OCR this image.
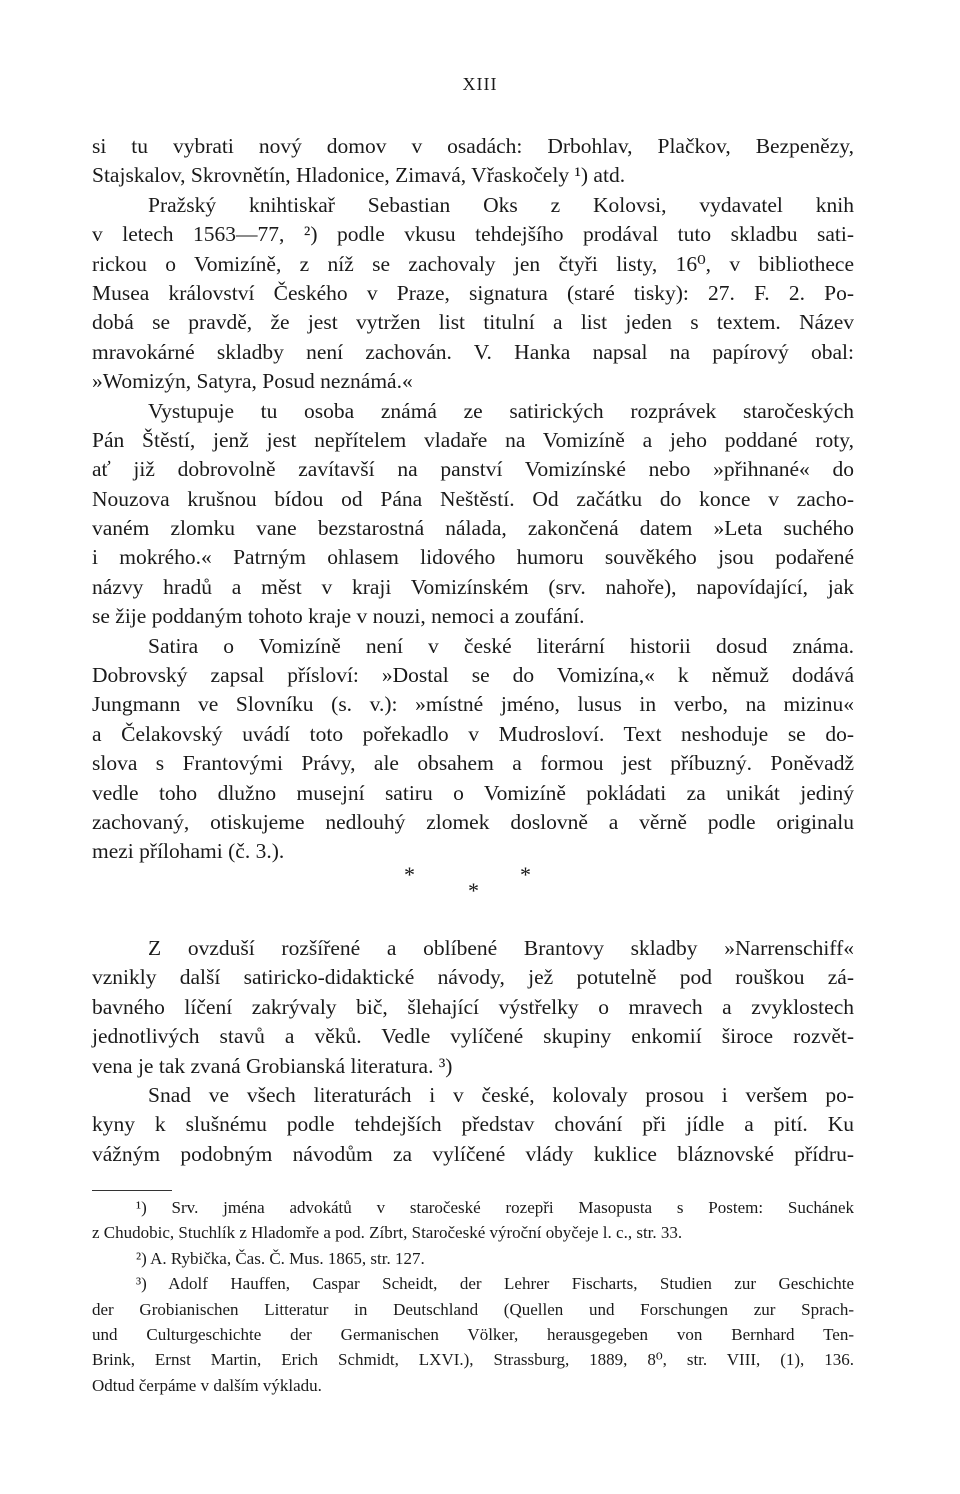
XIII
si tu vybrati nový domov v osadách: Drbohlav, Plačkov, Bezpenězy,
Stajskalov, Skrovnětín, Hladonice, Zimavá, Vřaskočely ¹) atd.
Pražský knihtiskař Sebastian Oks z Kolovsi, vydavatel knih
v letech 1563—77, ²) podle vkusu tehdejšího prodával tuto skladbu sati-
rickou o Vomizíně, z níž se zachovaly jen čtyři listy, 16⁰, v bibliothece
Musea království Českého v Praze, signatura (staré tisky): 27. F. 2. Po-
dobá se pravdě, že jest vytržen list titulní a list jeden s textem. Název
mravokárné skladby není zachován. V. Hanka napsal na papírový obal:
»Womizýn, Satyra, Posud neznámá.«
Vystupuje tu osoba známá ze satirických rozprávek staročeských
Pán Štěstí, jenž jest nepřítelem vladaře na Vomizíně a jeho poddané roty,
ať již dobrovolně zavítavší na panství Vomizínské nebo »přihnané« do
Nouzova krušnou bídou od Pána Neštěstí. Od začátku do konce v zacho-
vaném zlomku vane bezstarostná nálada, zakončená datem »Leta suchého
i mokrého.« Patrným ohlasem lidového humoru souvěkého jsou podařené
názvy hradů a měst v kraji Vomizínském (srv. nahoře), napovídající, jak
se žije poddaným tohoto kraje v nouzi, nemoci a zoufání.
Satira o Vomizíně není v české literární historii dosud známa.
Dobrovský zapsal přísloví: »Dostal se do Vomizína,« k němuž dodává
Jungmann ve Slovníku (s. v.): »místné jméno, lusus in verbo, na mizinu«
a Čelakovský uvádí toto pořekadlo v Mudrosloví. Text neshoduje se do-
slova s Frantovými Právy, ale obsahem a formou jest příbuzný. Poněvadž
vedle toho dlužno musejní satiru o Vomizíně pokládati za unikát jediný
zachovaný, otiskujeme nedlouhý zlomek doslovně a věrně podle originalu
mezi přílohami (č. 3.).
*
*
*
Z ovzduší rozšířené a oblíbené Brantovy skladby »Narrenschiff«
vznikly další satiricko-didaktické návody, jež potutelně pod rouškou zá-
bavného líčení zakrývaly bič, šlehající výstřelky o mravech a zvyklostech
jednotlivých stavů a věků. Vedle vylíčené skupiny enkomií široce rozvět-
vena je tak zvaná Grobianská literatura. ³)
Snad ve všech literaturách i v české, kolovaly prosou i veršem po-
kyny k slušnému podle tehdejších představ chování při jídle a pití. Ku
vážným podobným návodům za vylíčené vlády kuklice bláznovské přídru-
¹) Srv. jména advokátů v staročeské rozepři Masopusta s Postem: Suchánek
z Chudobic, Stuchlík z Hladomře a pod. Zíbrt, Staročeské výroční obyčeje l. c., str. 33.
²) A. Rybička, Čas. Č. Mus. 1865, str. 127.
³) Adolf Hauffen, Caspar Scheidt, der Lehrer Fischarts, Studien zur Geschichte
der Grobianischen Litteratur in Deutschland (Quellen und Forschungen zur Sprach-
und Culturgeschichte der Germanischen Völker, herausgegeben von Bernhard Ten-
Brink, Ernst Martin, Erich Schmidt, LXVI.), Strassburg, 1889, 8⁰, str. VIII, (1), 136.
Odtud čerpáme v dalším výkladu.
